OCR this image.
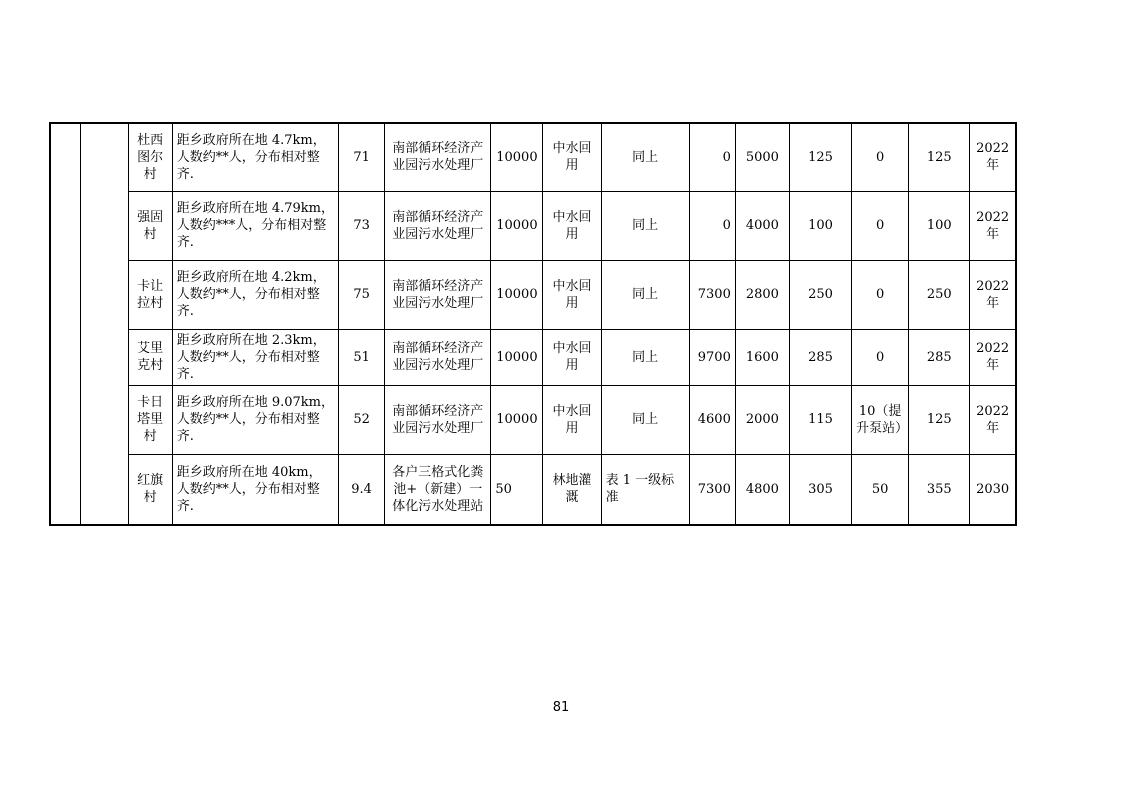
		杜西图尔村	距乡政府所在地 4.7km，人数约**人，分布相对整齐.	71	南部循环经济产业园污水处理厂	10000	中水回用	同上	0	5000	125	0	125	2022年
		强固村	距乡政府所在地 4.79km，人数约***人，分布相对整齐.	73	南部循环经济产业园污水处理厂	10000	中水回用	同上	0	4000	100	0	100	2022年
		卡让拉村	距乡政府所在地 4.2km，人数约**人，分布相对整齐.	75	南部循环经济产业园污水处理厂	10000	中水回用	同上	7300	2800	250	0	250	2022年
		艾里克村	距乡政府所在地 2.3km，人数约**人，分布相对整齐.	51	南部循环经济产业园污水处理厂	10000	中水回用	同上	9700	1600	285	0	285	2022年
		卡日塔里村	距乡政府所在地 9.07km，人数约**人，分布相对整齐.	52	南部循环经济产业园污水处理厂	10000	中水回用	同上	4600	2000	115	10（提升泵站）	125	2022年
		红旗村	距乡政府所在地 40km，人数约**人，分布相对整齐.	9.4	各户三格式化粪池+（新建）一体化污水处理站	50	林地灌溉	表 1 一级标准	7300	4800	305	50	355	2030
81
